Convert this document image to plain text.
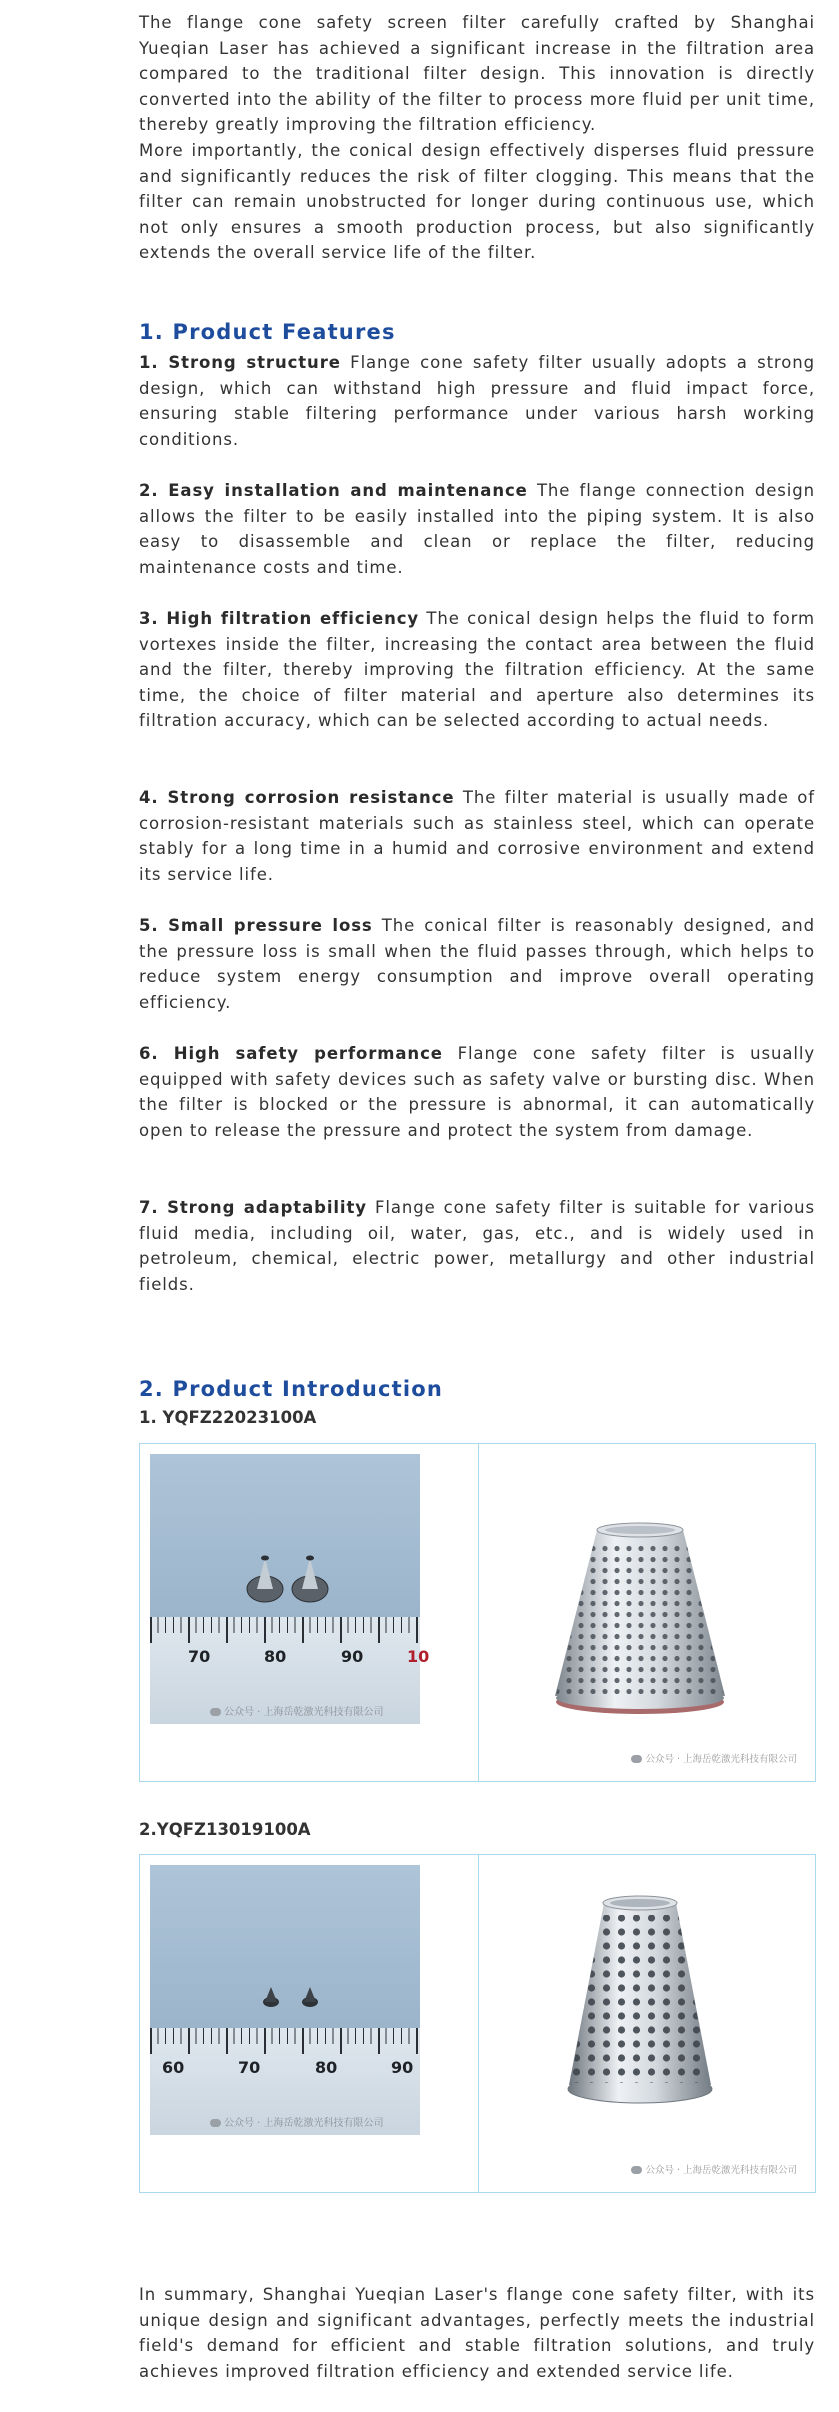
The flange cone safety screen filter carefully crafted by Shanghai Yueqian Laser has achieved a significant increase in the filtration area compared to the traditional filter design. This innovation is directly converted into the ability of the filter to process more fluid per unit time, thereby greatly improving the filtration efficiency.

More importantly, the conical design effectively disperses fluid pressure and significantly reduces the risk of filter clogging. This means that the filter can remain unobstructed for longer during continuous use, which not only ensures a smooth production process, but also significantly extends the overall service life of the filter.

1. Product Features

1. Strong structure Flange cone safety filter usually adopts a strong design, which can withstand high pressure and fluid impact force, ensuring stable filtering performance under various harsh working conditions.

2. Easy installation and maintenance The flange connection design allows the filter to be easily installed into the piping system. It is also easy to disassemble and clean or replace the filter, reducing maintenance costs and time.

3. High filtration efficiency The conical design helps the fluid to form vortexes inside the filter, increasing the contact area between the fluid and the filter, thereby improving the filtration efficiency. At the same time, the choice of filter material and aperture also determines its filtration accuracy, which can be selected according to actual needs.

4. Strong corrosion resistance The filter material is usually made of corrosion-resistant materials such as stainless steel, which can operate stably for a long time in a humid and corrosive environment and extend its service life.

5. Small pressure loss The conical filter is reasonably designed, and the pressure loss is small when the fluid passes through, which helps to reduce system energy consumption and improve overall operating efficiency.

6. High safety performance Flange cone safety filter is usually equipped with safety devices such as safety valve or bursting disc. When the filter is blocked or the pressure is abnormal, it can automatically open to release the pressure and protect the system from damage.

7. Strong adaptability Flange cone safety filter is suitable for various fluid media, including oil, water, gas, etc., and is widely used in petroleum, chemical, electric power, metallurgy and other industrial fields.

2. Product Introduction

1. YQFZ22023100A

70	80	90	10
公众号 · 上海岳乾激光科技有限公司
公众号 · 上海岳乾激光科技有限公司

2.YQFZ13019100A

60	70	80	90
公众号 · 上海岳乾激光科技有限公司
公众号 · 上海岳乾激光科技有限公司

In summary, Shanghai Yueqian Laser's flange cone safety filter, with its unique design and significant advantages, perfectly meets the industrial field's demand for efficient and stable filtration solutions, and truly achieves improved filtration efficiency and extended service life.
